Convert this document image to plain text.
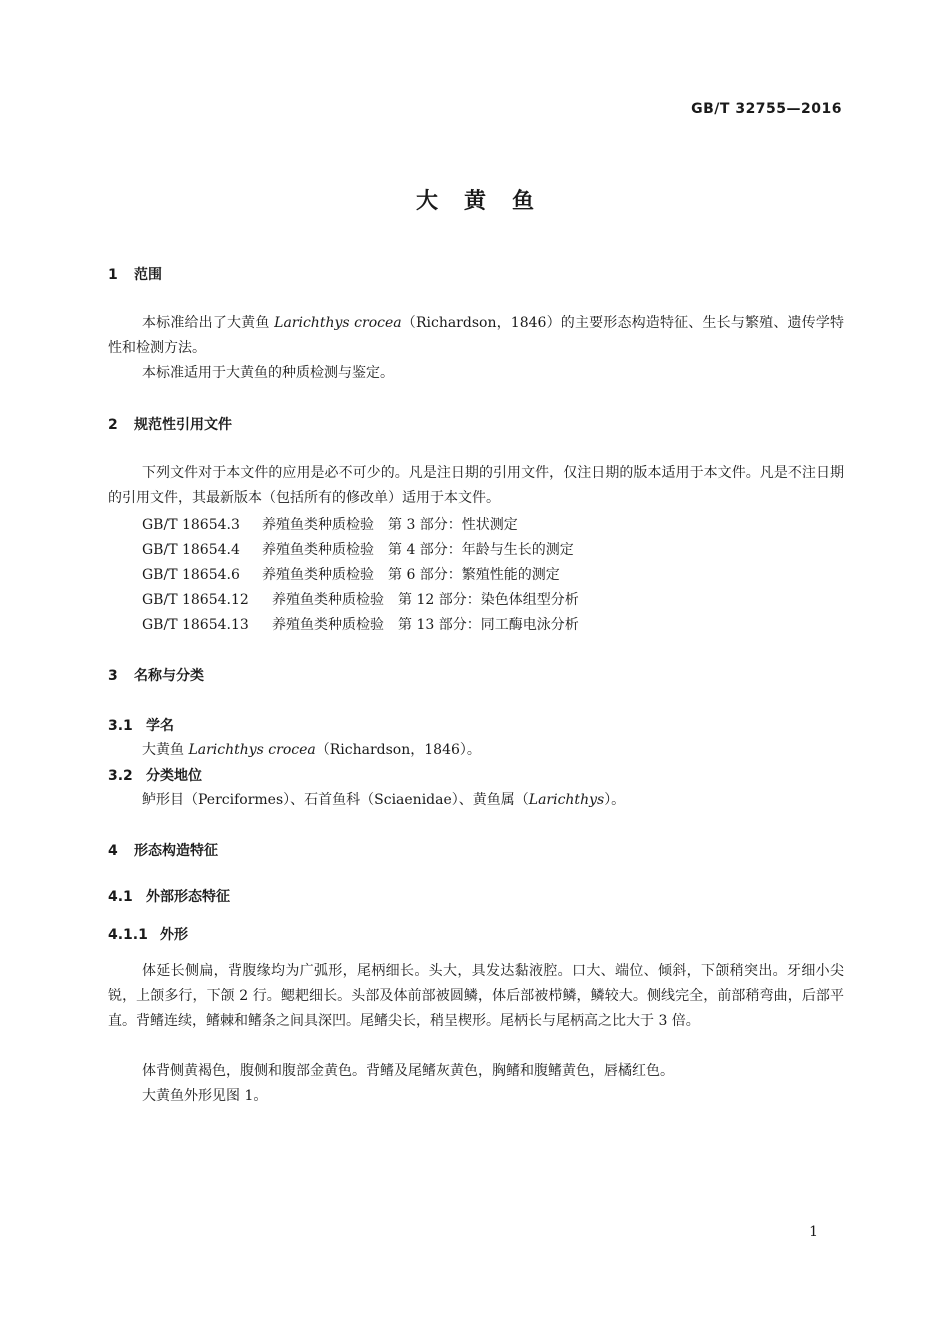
GB/T 32755—2016
大黄鱼
1 范围
本标准给出了大黄鱼 Larichthys crocea（Richardson，1846）的主要形态构造特征、生长与繁殖、遗传学特性和检测方法。
本标准适用于大黄鱼的种质检测与鉴定。
2 规范性引用文件
下列文件对于本文件的应用是必不可少的。凡是注日期的引用文件，仅注日期的版本适用于本文件。凡是不注日期的引用文件，其最新版本（包括所有的修改单）适用于本文件。
GB/T 18654.3 养殖鱼类种质检验 第 3 部分：性状测定
GB/T 18654.4 养殖鱼类种质检验 第 4 部分：年龄与生长的测定
GB/T 18654.6 养殖鱼类种质检验 第 6 部分：繁殖性能的测定
GB/T 18654.12 养殖鱼类种质检验 第 12 部分：染色体组型分析
GB/T 18654.13 养殖鱼类种质检验 第 13 部分：同工酶电泳分析
3 名称与分类
3.1 学名
大黄鱼 Larichthys crocea（Richardson，1846）。
3.2 分类地位
鲈形目（Perciformes）、石首鱼科（Sciaenidae）、黄鱼属（Larichthys）。
4 形态构造特征
4.1 外部形态特征
4.1.1 外形
体延长侧扁，背腹缘均为广弧形，尾柄细长。头大，具发达黏液腔。口大、端位、倾斜，下颌稍突出。牙细小尖锐，上颌多行，下颌 2 行。鳃耙细长。头部及体前部被圆鳞，体后部被栉鳞，鳞较大。侧线完全，前部稍弯曲，后部平直。背鳍连续，鳍棘和鳍条之间具深凹。尾鳍尖长，稍呈楔形。尾柄长与尾柄高之比大于 3 倍。
体背侧黄褐色，腹侧和腹部金黄色。背鳍及尾鳍灰黄色，胸鳍和腹鳍黄色，唇橘红色。
大黄鱼外形见图 1。
1
